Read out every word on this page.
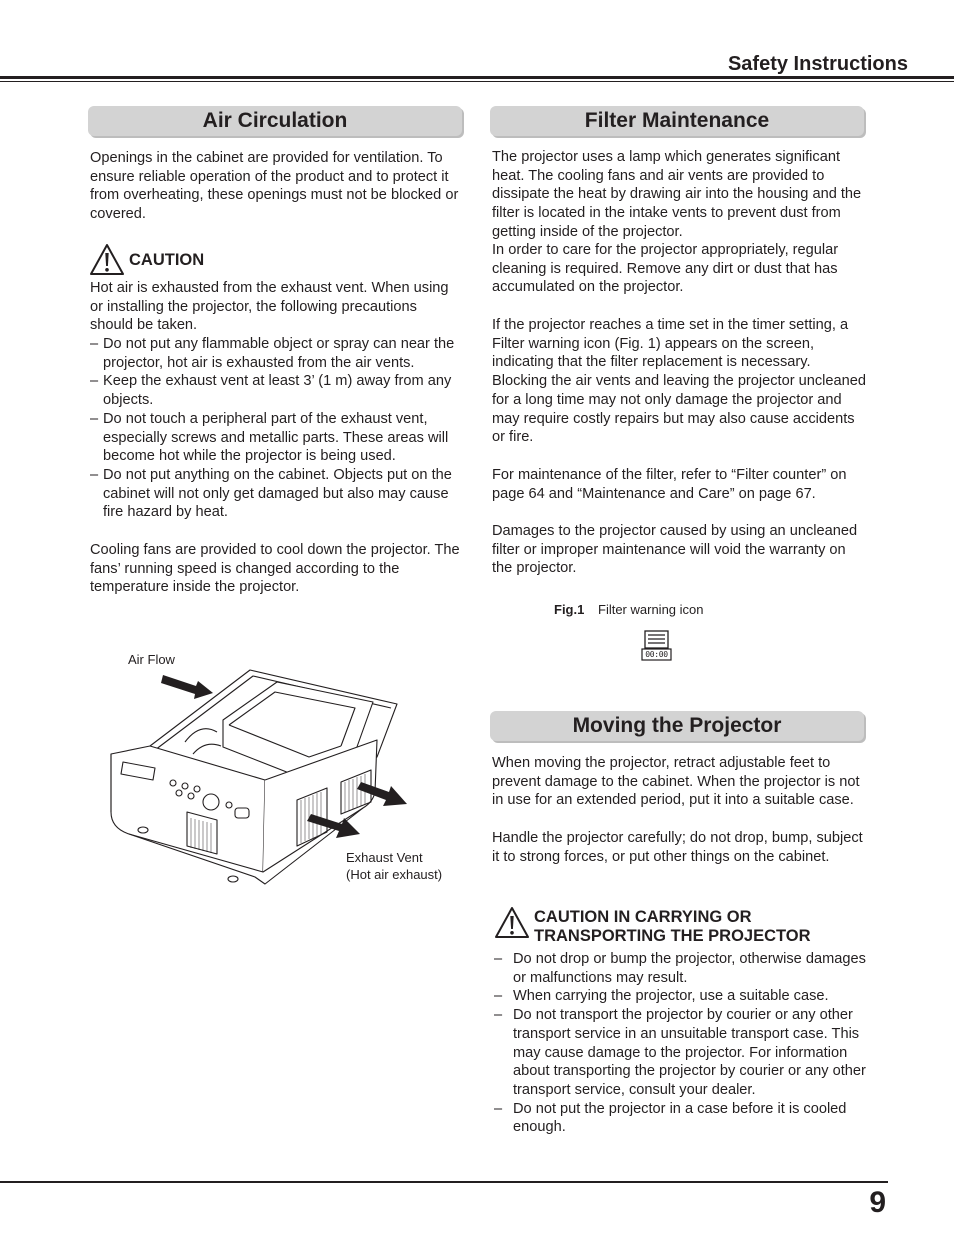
Safety Instructions
Air Circulation
Openings in the cabinet are provided for ventilation. To ensure reliable operation of the product and to protect it from overheating, these openings must not be blocked or covered.
CAUTION
Hot air is exhausted from the exhaust vent. When using or installing the projector, the following precautions should be taken.
– Do not put any flammable object or spray can near the projector, hot air is exhausted from the air vents.
– Keep the exhaust vent at least 3’ (1 m) away from any objects.
– Do not touch a peripheral part of the exhaust vent, especially screws and metallic parts. These areas will become hot while the projector is being used.
– Do not put anything on the cabinet. Objects put on the cabinet will not only get damaged but also may cause fire hazard by heat.
Cooling fans are provided to cool down the projector. The fans’ running speed is changed according to the temperature inside the projector.
Air Flow
Exhaust Vent
(Hot air exhaust)
Filter Maintenance
The projector uses a lamp which generates significant heat. The cooling fans and air vents are provided to dissipate the heat by drawing air into the housing and the filter is located in the intake vents to prevent dust from getting inside of the projector.
In order to care for the projector appropriately, regular cleaning is required. Remove any dirt or dust that has accumulated on the projector.
If the projector reaches a time set in the timer setting, a Filter warning icon (Fig. 1) appears on the screen, indicating that the filter replacement is necessary. Blocking the air vents and leaving the projector uncleaned for a long time may not only damage the projector and may require costly repairs but may also cause accidents or fire.
For maintenance of the filter, refer to “Filter counter” on page 64 and “Maintenance and Care” on page 67.
Damages to the projector caused by using an uncleaned filter or improper maintenance will void the warranty on the projector.
Fig.1 Filter warning icon
00:00
Moving the Projector
When moving the projector, retract adjustable feet to prevent damage to the cabinet. When the projector is not in use for an extended period, put it into a suitable case.
Handle the projector carefully; do not drop, bump, subject it to strong forces, or put other things on the cabinet.
CAUTION IN CARRYING OR
TRANSPORTING THE PROJECTOR
– Do not drop or bump the projector, otherwise damages or malfunctions may result.
– When carrying the projector, use a suitable case.
– Do not transport the projector by courier or any other transport service in an unsuitable transport case. This may cause damage to the projector. For information about transporting the projector by courier or any other transport service, consult your dealer.
– Do not put the projector in a case before it is cooled enough.
9
